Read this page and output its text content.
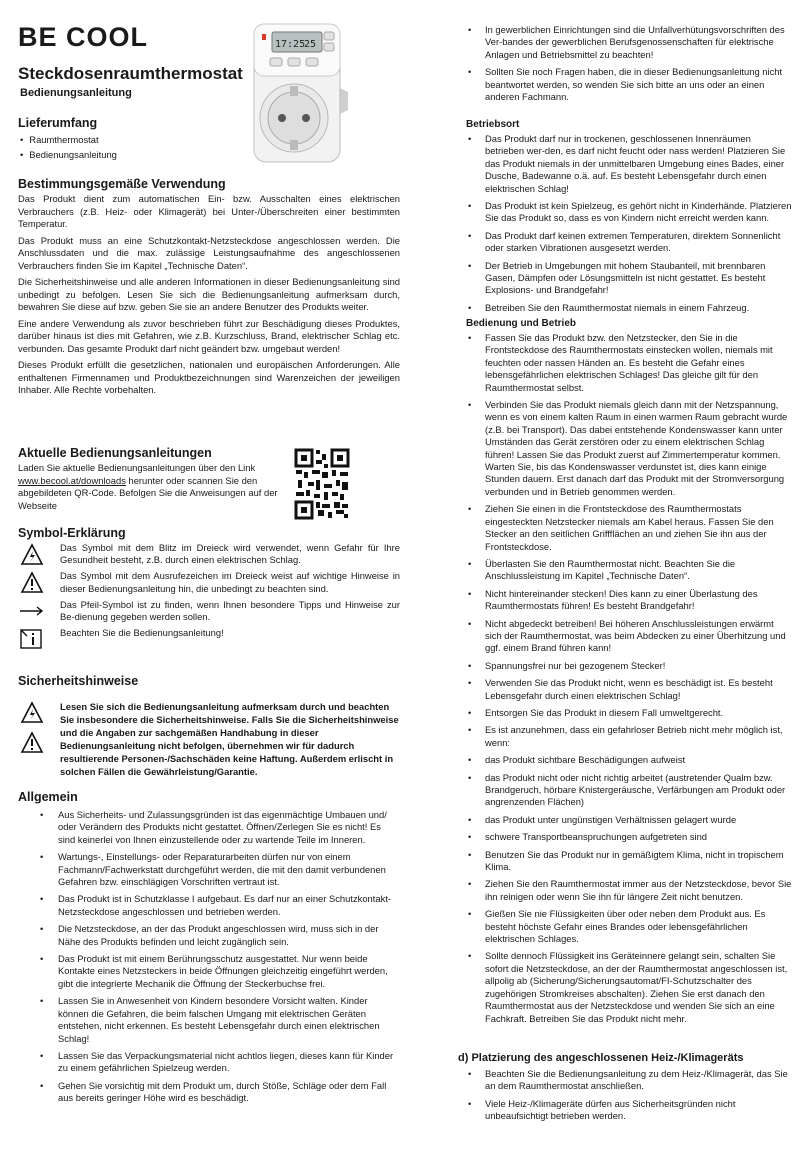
BE COOL
Steckdosenraumthermostat
Bedienungsanleitung
17:25
25
Lieferumfang
• Raumthermostat
• Bedienungsanleitung
Bestimmungsgemäße Verwendung

Das Produkt dient zum automatischen Ein- bzw. Ausschalten eines elektrischen Verbrauchers (z.B. Heiz- oder Klimagerät) bei Unter-/Überschreiten einer bestimmten Temperatur.

Das Produkt muss an eine Schutzkontakt-Netzsteckdose angeschlossen werden. Die Anschlussdaten und die max. zulässige Leistungsaufnahme des angeschlossenen Verbrauchers finden Sie im Kapitel „Technische Daten“.

Die Sicherheitshinweise und alle anderen Informationen in dieser Bedienungsanleitung sind unbedingt zu befolgen. Lesen Sie sich die Bedienungsanleitung aufmerksam durch, bewahren Sie diese auf bzw. geben Sie sie an andere Benutzer des Produkts weiter.

Eine andere Verwendung als zuvor beschrieben führt zur Beschädigung dieses Produktes, darüber hinaus ist dies mit Gefahren, wie z.B. Kurzschluss, Brand, elektrischer Schlag etc. verbunden. Das gesamte Produkt darf nicht geändert bzw. umgebaut werden!

Dieses Produkt erfüllt die gesetzlichen, nationalen und europäischen Anforderungen. Alle enthaltenen Firmennamen und Produktbezeichnungen sind Warenzeichen der jeweiligen Inhaber. Alle Rechte vorbehalten.

Aktuelle Bedienungsanleitungen

Laden Sie aktuelle Bedienungsanleitungen über den Link www.becool.at/downloads herunter oder scannen Sie den abgebildeten QR-Code. Befolgen Sie die Anweisungen auf der Webseite

Symbol-Erklärung
Das Symbol mit dem Blitz im Dreieck wird verwendet, wenn Gefahr für Ihre Gesundheit besteht, z.B. durch einen elektrischen Schlag.
Das Symbol mit dem Ausrufezeichen im Dreieck weist auf wichtige Hinweise in dieser Bedienungsanleitung hin, die unbedingt zu beachten sind.
Das Pfeil-Symbol ist zu finden, wenn Ihnen besondere Tipps und Hinweise zur Be-dienung gegeben werden sollen.
Beachten Sie die Bedienungsanleitung!
Sicherheitshinweise

Lesen Sie sich die Bedienungsanleitung aufmerksam durch und beachten Sie insbesondere die Sicherheitshinweise. Falls Sie die Sicherheitshinweise und die Angaben zur sachgemäßen Handhabung in dieser Bedienungsanleitung nicht befolgen, übernehmen wir für dadurch resultierende Personen-/Sachschäden keine Haftung. Außerdem erlischt in solchen Fällen die Gewährleistung/Garantie.
Allgemein
• Aus Sicherheits- und Zulassungsgründen ist das eigenmächtige Umbauen und/ oder Verändern des Produkts nicht gestattet. Öffnen/Zerlegen Sie es nicht! Es sind keinerlei von Ihnen einzustellende oder zu wartende Teile im Inneren.
• Wartungs-, Einstellungs- oder Reparaturarbeiten dürfen nur von einem Fachmann/Fachwerkstatt durchgeführt werden, die mit den damit verbundenen Gefahren bzw. einschlägigen Vorschriften vertraut ist.
• Das Produkt ist in Schutzklasse I aufgebaut. Es darf nur an einer Schutzkontakt-Netzsteckdose angeschlossen und betrieben werden.
• Die Netzsteckdose, an der das Produkt angeschlossen wird, muss sich in der Nähe des Produkts befinden und leicht zugänglich sein.
• Das Produkt ist mit einem Berührungsschutz ausgestattet. Nur wenn beide Kontakte eines Netzsteckers in beide Öffnungen gleichzeitig eingeführt werden, gibt die integrierte Mechanik die Öffnung der Steckerbuchse frei.
• Lassen Sie in Anwesenheit von Kindern besondere Vorsicht walten. Kinder können die Gefahren, die beim falschen Umgang mit elektrischen Geräten entstehen, nicht erkennen. Es besteht Lebensgefahr durch einen elektrischen Schlag!
• Lassen Sie das Verpackungsmaterial nicht achtlos liegen, dieses kann für Kinder zu einem gefährlichen Spielzeug werden.
• Gehen Sie vorsichtig mit dem Produkt um, durch Stöße, Schläge oder dem Fall aus bereits geringer Höhe wird es beschädigt.
• In gewerblichen Einrichtungen sind die Unfallverhütungsvorschriften des Ver-bandes der gewerblichen Berufsgenossenschaften für elektrische Anlagen und Betriebsmittel zu beachten!
• Sollten Sie noch Fragen haben, die in dieser Bedienungsanleitung nicht beantwortet werden, so wenden Sie sich bitte an uns oder an einen anderen Fachmann.
Betriebsort
• Das Produkt darf nur in trockenen, geschlossenen Innenräumen betrieben wer-den, es darf nicht feucht oder nass werden! Platzieren Sie das Produkt niemals in der unmittelbaren Umgebung eines Bades, einer Dusche, Badewanne o.ä. auf. Es besteht Lebensgefahr durch einen elektrischen Schlag!
• Das Produkt ist kein Spielzeug, es gehört nicht in Kinderhände. Platzieren Sie das Produkt so, dass es von Kindern nicht erreicht werden kann.
• Das Produkt darf keinen extremen Temperaturen, direktem Sonnenlicht oder starken Vibrationen ausgesetzt werden.
• Der Betrieb in Umgebungen mit hohem Staubanteil, mit brennbaren Gasen, Dämpfen oder Lösungsmitteln ist nicht gestattet. Es besteht Explosions- und Brandgefahr!
• Betreiben Sie den Raumthermostat niemals in einem Fahrzeug.
Bedienung und Betrieb
• Fassen Sie das Produkt bzw. den Netzstecker, den Sie in die Frontsteckdose des Raumthermostats einstecken wollen, niemals mit feuchten oder nassen Händen an. Es besteht die Gefahr eines lebensgefährlichen elektrischen Schlages! Das gleiche gilt für den Raumthermostat selbst.
• Verbinden Sie das Produkt niemals gleich dann mit der Netzspannung, wenn es von einem kalten Raum in einen warmen Raum gebracht wurde (z.B. bei Transport). Das dabei entstehende Kondenswasser kann unter Umständen das Gerät zerstören oder zu einem elektrischen Schlag führen! Lassen Sie das Produkt zuerst auf Zimmertemperatur kommen. Warten Sie, bis das Kondenswasser verdunstet ist, dies kann einige Stunden dauern. Erst danach darf das Produkt mit der Stromversorgung verbunden und in Betrieb genommen werden.
• Ziehen Sie einen in die Frontsteckdose des Raumthermostats eingesteckten Netzstecker niemals am Kabel heraus. Fassen Sie den Stecker an den seitlichen Griffflächen an und ziehen Sie ihn aus der Frontsteckdose.
• Überlasten Sie den Raumthermostat nicht. Beachten Sie die Anschlussleistung im Kapitel „Technische Daten“.
• Nicht hintereinander stecken! Dies kann zu einer Überlastung des Raumthermostats führen! Es besteht Brandgefahr!
• Nicht abgedeckt betreiben! Bei höheren Anschlussleistungen erwärmt sich der Raumthermostat, was beim Abdecken zu einer Überhitzung und ggf. einem Brand führen kann!
• Spannungsfrei nur bei gezogenem Stecker!
• Verwenden Sie das Produkt nicht, wenn es beschädigt ist. Es besteht Lebensgefahr durch einen elektrischen Schlag!
• Entsorgen Sie das Produkt in diesem Fall umweltgerecht.
• Es ist anzunehmen, dass ein gefahrloser Betrieb nicht mehr möglich ist, wenn:
• das Produkt sichtbare Beschädigungen aufweist
• das Produkt nicht oder nicht richtig arbeitet (austretender Qualm bzw. Brandgeruch, hörbare Knistergeräusche, Verfärbungen am Produkt oder angrenzenden Flächen)
• das Produkt unter ungünstigen Verhältnissen gelagert wurde
• schwere Transportbeanspruchungen aufgetreten sind
• Benutzen Sie das Produkt nur in gemäßigtem Klima, nicht in tropischem Klima.
• Ziehen Sie den Raumthermostat immer aus der Netzsteckdose, bevor Sie ihn reinigen oder wenn Sie ihn für längere Zeit nicht benutzen.
• Gießen Sie nie Flüssigkeiten über oder neben dem Produkt aus. Es besteht höchste Gefahr eines Brandes oder lebensgefährlichen elektrischen Schlages.
• Sollte dennoch Flüssigkeit ins Geräteinnere gelangt sein, schalten Sie sofort die Netzsteckdose, an der der Raumthermostat angeschlossen ist, allpolig ab (Sicherung/Sicherungsautomat/FI-Schutzschalter des zugehörigen Stromkreises abschalten). Ziehen Sie erst danach den Raumthermostat aus der Netzsteckdose und wenden Sie sich an eine Fachkraft. Betreiben Sie das Produkt nicht mehr.
d) Platzierung des angeschlossenen Heiz-/Klimageräts
• Beachten Sie die Bedienungsanleitung zu dem Heiz-/Klimagerät, das Sie an dem Raumthermostat anschließen.
• Viele Heiz-/Klimageräte dürfen aus Sicherheitsgründen nicht unbeaufsichtigt betrieben werden.
